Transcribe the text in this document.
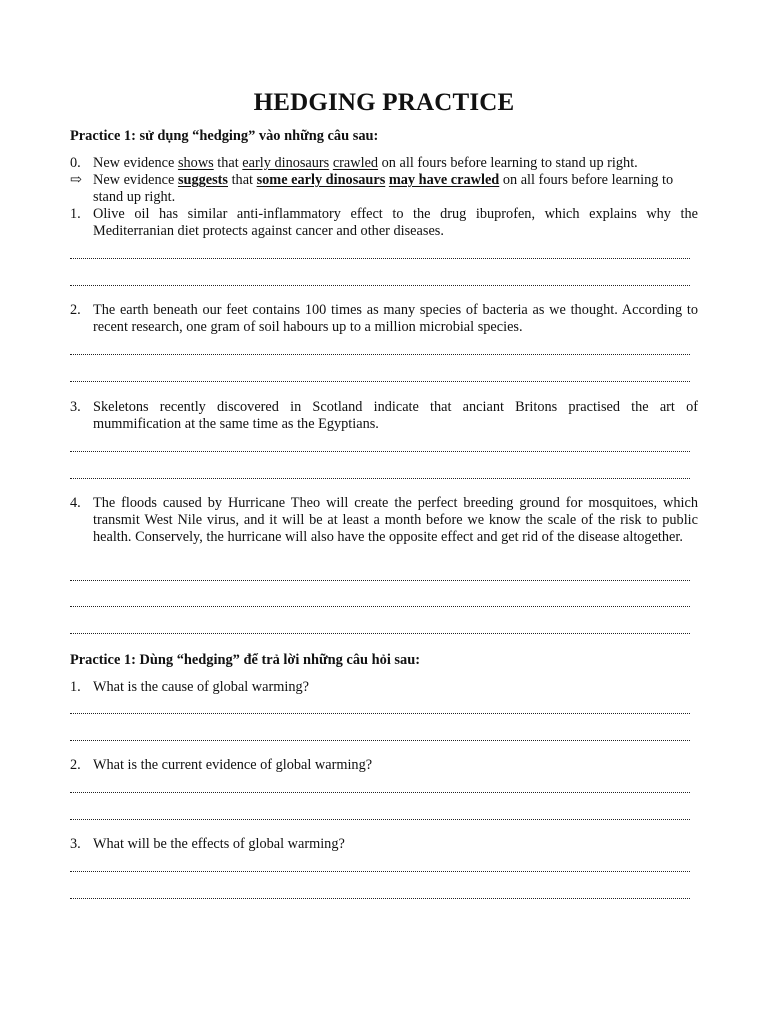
HEDGING PRACTICE
Practice 1: sử dụng “hedging” vào những câu sau:
0. New evidence shows that early dinosaurs crawled on all fours before learning to stand up right.
⇨ New evidence suggests that some early dinosaurs may have crawled on all fours before learning to stand up right.
1. Olive oil has similar anti-inflammatory effect to the drug ibuprofen, which explains why the Mediterranian diet protects against cancer and other diseases.
2. The earth beneath our feet contains 100 times as many species of bacteria as we thought. According to recent research, one gram of soil habours up to a million microbial species.
3. Skeletons recently discovered in Scotland indicate that anciant Britons practised the art of mummification at the same time as the Egyptians.
4. The floods caused by Hurricane Theo will create the perfect breeding ground for mosquitoes, which transmit West Nile virus, and it will be at least a month before we know the scale of the risk to public health. Conservely, the hurricane will also have the opposite effect and get rid of the disease altogether.
Practice 1: Dùng “hedging” để trả lời những câu hỏi sau:
1. What is the cause of global warming?
2. What is the current evidence of global warming?
3. What will be the effects of global warming?
